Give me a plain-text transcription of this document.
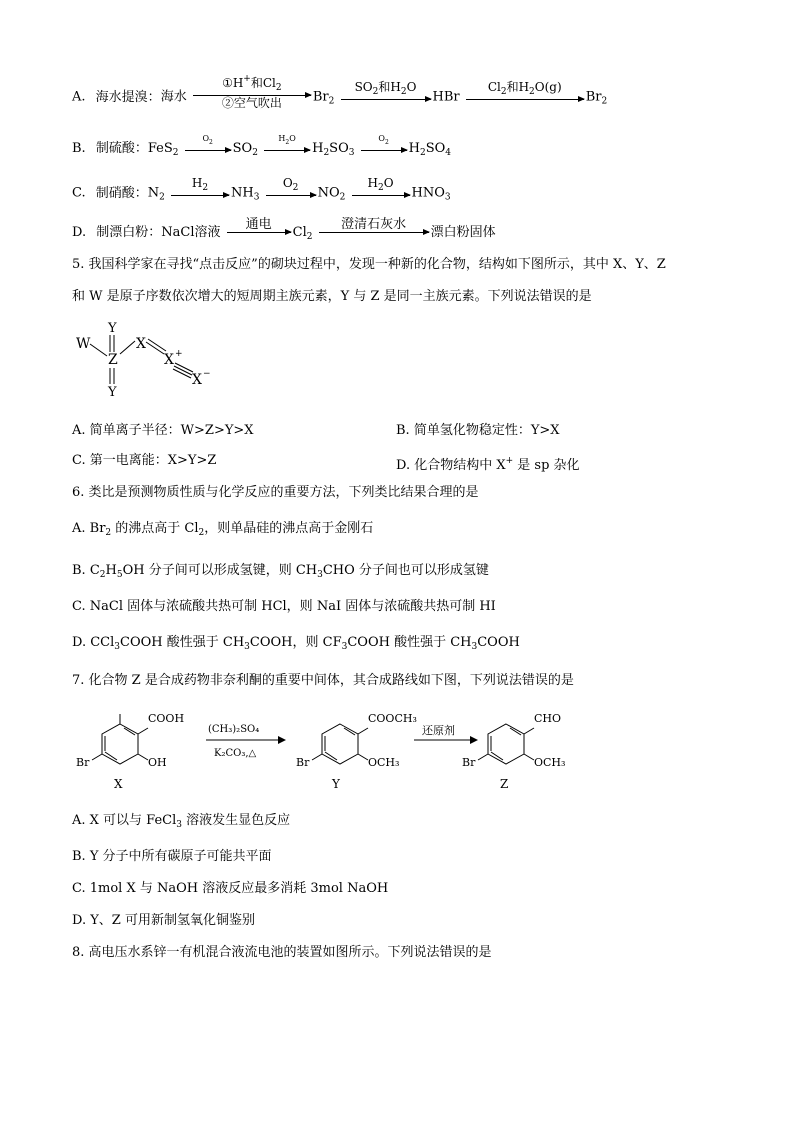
A. 海水提溴：海水
①H+和$Cl_2$
②空气吹出	$Br_2$
$SO_2$和$H_2O$

HBr
$Cl_2$和$H_2O(g)$

$Br_2$
B. 制硫酸：FeS$_2$
$O_2$
	$SO_2$
$H_2O$

$H_2SO_3$
$O_2$
	$H_2SO_4$
C. 制硝酸：$N_2$
$H_2$
	$NH_3$
$O_2$
	$NO_2$
$H_2O$

$HNO_3$
D. 制漂白粉：NaCl溶液
通电

$Cl_2$
澄清石灰水

漂白粉固体
5. 我国科学家在寻找“点击反应”的砌块过程中，发现一种新的化合物，结构如下图所示，其中 X、Y、Z
和 W 是原子序数依次增大的短周期主族元素，Y 与 Z 是同一主族元素。下列说法错误的是
W
Y
Z
Y
X
X +
X −
A. 简单离子半径：W>Z>Y>X	B. 简单氢化物稳定性：Y>X
C. 第一电离能：X>Y>Z	D. 化合物结构中 X+ 是 sp 杂化
6. 类比是预测物质性质与化学反应的重要方法，下列类比结果合理的是
A. $Br_2$ 的沸点高于 $Cl_2$，则单晶硅的沸点高于金刚石
B. $C_2H_5OH$ 分子间可以形成氢键，则 $CH_3CHO$ 分子间也可以形成氢键
C. NaCl 固体与浓硫酸共热可制 HCl，则 NaI 固体与浓硫酸共热可制 HI
D. CCl$_3$COOH 酸性强于 $CH_3COOH$，则 $CF_3COOH$ 酸性强于 $CH_3COOH$
7. 化合物 Z 是合成药物非奈利酮的重要中间体，其合成路线如下图，下列说法错误的是
COOH
OH
Br
X
(CH₃)₂SO₄
K₂CO₃,△
COOCH₃
OCH₃
Br
Y
还原剂
CHO
OCH₃
Br
Z
A. X 可以与 FeCl$_3$ 溶液发生显色反应
B. Y 分子中所有碳原子可能共平面
C. 1mol X 与 NaOH 溶液反应最多消耗 3mol NaOH
D. Y、Z 可用新制氢氧化铜鉴别
8. 高电压水系锌一有机混合液流电池的装置如图所示。下列说法错误的是
